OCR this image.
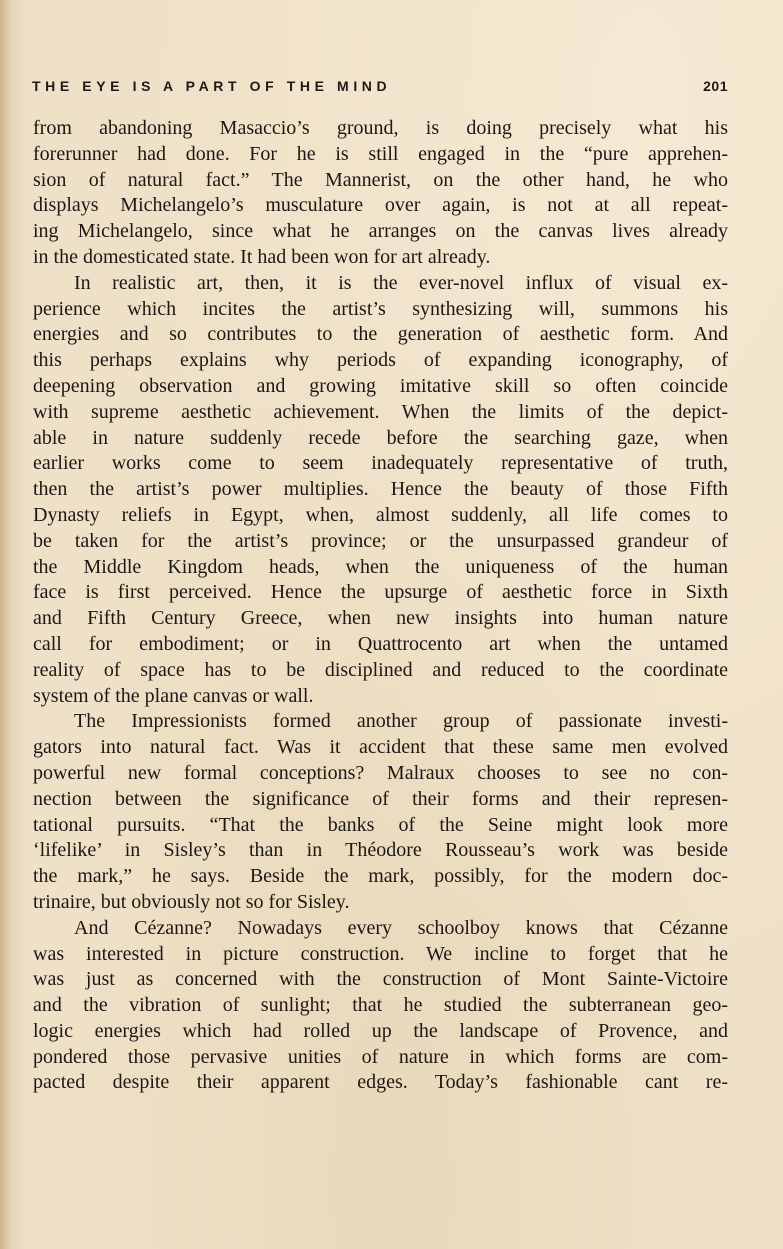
THE EYE IS A PART OF THE MIND	201

from abandoning Masaccio’s ground, is doing precisely what his
forerunner had done. For he is still engaged in the “pure apprehen-
sion of natural fact.” The Mannerist, on the other hand, he who
displays Michelangelo’s musculature over again, is not at all repeat-
ing Michelangelo, since what he arranges on the canvas lives already
in the domesticated state. It had been won for art already.

In realistic art, then, it is the ever-novel influx of visual ex-
perience which incites the artist’s synthesizing will, summons his
energies and so contributes to the generation of aesthetic form. And
this perhaps explains why periods of expanding iconography, of
deepening observation and growing imitative skill so often coincide
with supreme aesthetic achievement. When the limits of the depict-
able in nature suddenly recede before the searching gaze, when
earlier works come to seem inadequately representative of truth,
then the artist’s power multiplies. Hence the beauty of those Fifth
Dynasty reliefs in Egypt, when, almost suddenly, all life comes to
be taken for the artist’s province; or the unsurpassed grandeur of
the Middle Kingdom heads, when the uniqueness of the human
face is first perceived. Hence the upsurge of aesthetic force in Sixth
and Fifth Century Greece, when new insights into human nature
call for embodiment; or in Quattrocento art when the untamed
reality of space has to be disciplined and reduced to the coordinate
system of the plane canvas or wall.

The Impressionists formed another group of passionate investi-
gators into natural fact. Was it accident that these same men evolved
powerful new formal conceptions? Malraux chooses to see no con-
nection between the significance of their forms and their represen-
tational pursuits. “That the banks of the Seine might look more
‘lifelike’ in Sisley’s than in Théodore Rousseau’s work was beside
the mark,” he says. Beside the mark, possibly, for the modern doc-
trinaire, but obviously not so for Sisley.

And Cézanne? Nowadays every schoolboy knows that Cézanne
was interested in picture construction. We incline to forget that he
was just as concerned with the construction of Mont Sainte-Victoire
and the vibration of sunlight; that he studied the subterranean geo-
logic energies which had rolled up the landscape of Provence, and
pondered those pervasive unities of nature in which forms are com-
pacted despite their apparent edges. Today’s fashionable cant re-
